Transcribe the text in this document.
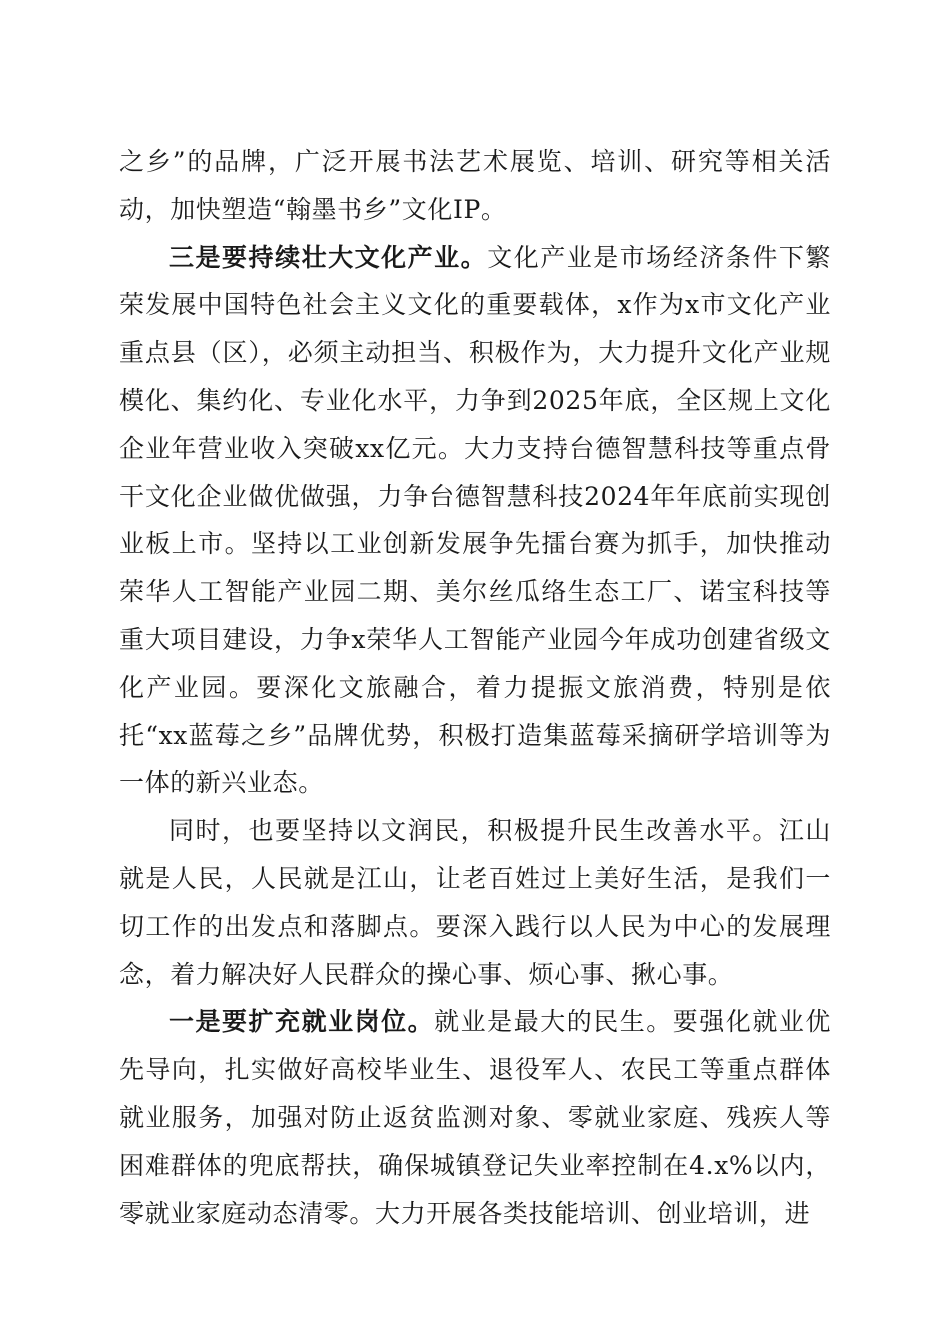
之乡”的品牌，广泛开展书法艺术展览、培训、研究等相关活动，加快塑造“翰墨书乡”文化IP。

三是要持续壮大文化产业。文化产业是市场经济条件下繁荣发展中国特色社会主义文化的重要载体，x作为x市文化产业重点县（区），必须主动担当、积极作为，大力提升文化产业规模化、集约化、专业化水平，力争到2025年底，全区规上文化企业年营业收入突破xx亿元。大力支持台德智慧科技等重点骨干文化企业做优做强，力争台德智慧科技2024年年底前实现创业板上市。坚持以工业创新发展争先擂台赛为抓手，加快推动荣华人工智能产业园二期、美尔丝瓜络生态工厂、诺宝科技等重大项目建设，力争x荣华人工智能产业园今年成功创建省级文化产业园。要深化文旅融合，着力提振文旅消费，特别是依托“xx蓝莓之乡”品牌优势，积极打造集蓝莓采摘研学培训等为一体的新兴业态。

同时，也要坚持以文润民，积极提升民生改善水平。江山就是人民，人民就是江山，让老百姓过上美好生活，是我们一切工作的出发点和落脚点。要深入践行以人民为中心的发展理念，着力解决好人民群众的操心事、烦心事、揪心事。

一是要扩充就业岗位。就业是最大的民生。要强化就业优先导向，扎实做好高校毕业生、退役军人、农民工等重点群体就业服务，加强对防止返贫监测对象、零就业家庭、残疾人等困难群体的兜底帮扶，确保城镇登记失业率控制在4.x%以内，零就业家庭动态清零。大力开展各类技能培训、创业培训，进
